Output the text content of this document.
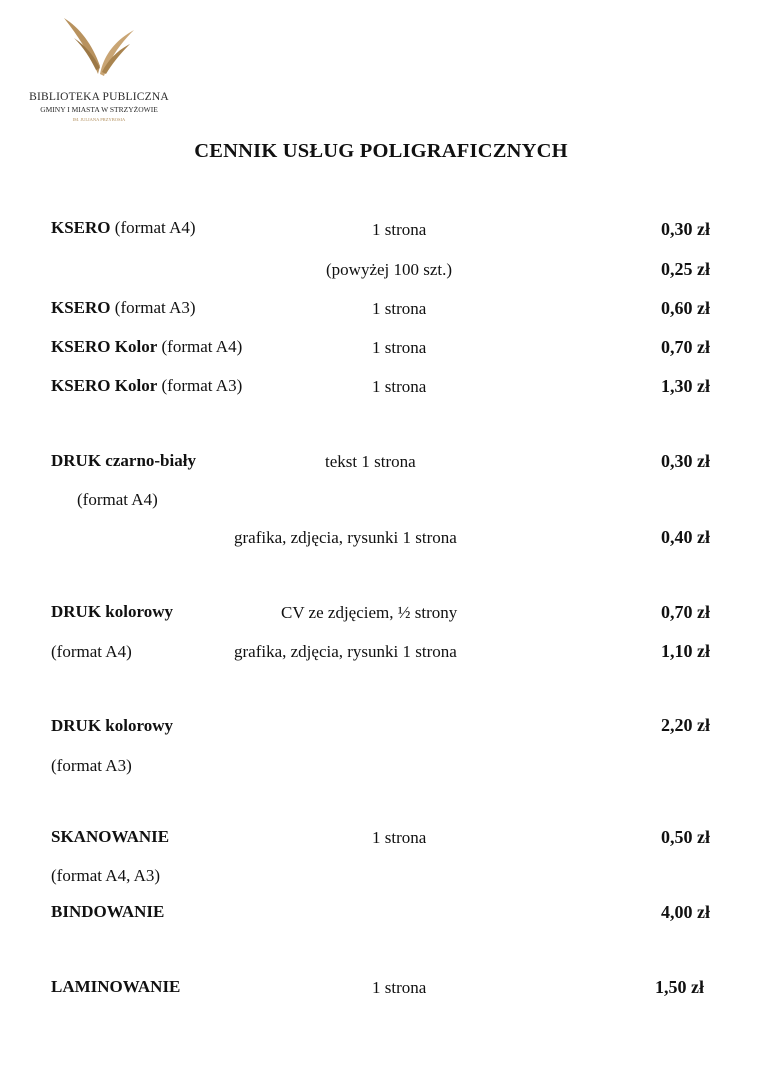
BIBLIOTEKA PUBLICZNA
GMINY I MIASTA W STRZYŻOWIE
IM. JULIANA PRZYBOSIA
CENNIK USŁUG POLIGRAFICZNYCH
KSERO (format A4)	1 strona	0,30 zł
(powyżej 100 szt.)	0,25 zł
KSERO (format A3)	1 strona	0,60 zł
KSERO Kolor (format A4)	1 strona	0,70 zł
KSERO Kolor (format A3)	1 strona	1,30 zł
DRUK czarno-biały	tekst 1 strona	0,30 zł
(format A4)
grafika, zdjęcia, rysunki 1 strona	0,40 zł
DRUK kolorowy	CV ze zdjęciem, ½ strony	0,70 zł
(format A4)	grafika, zdjęcia, rysunki 1 strona	1,10 zł
DRUK kolorowy	2,20 zł
(format A3)
SKANOWANIE	1 strona	0,50 zł
(format A4, A3)
BINDOWANIE	4,00 zł
LAMINOWANIE	1 strona	1,50 zł
